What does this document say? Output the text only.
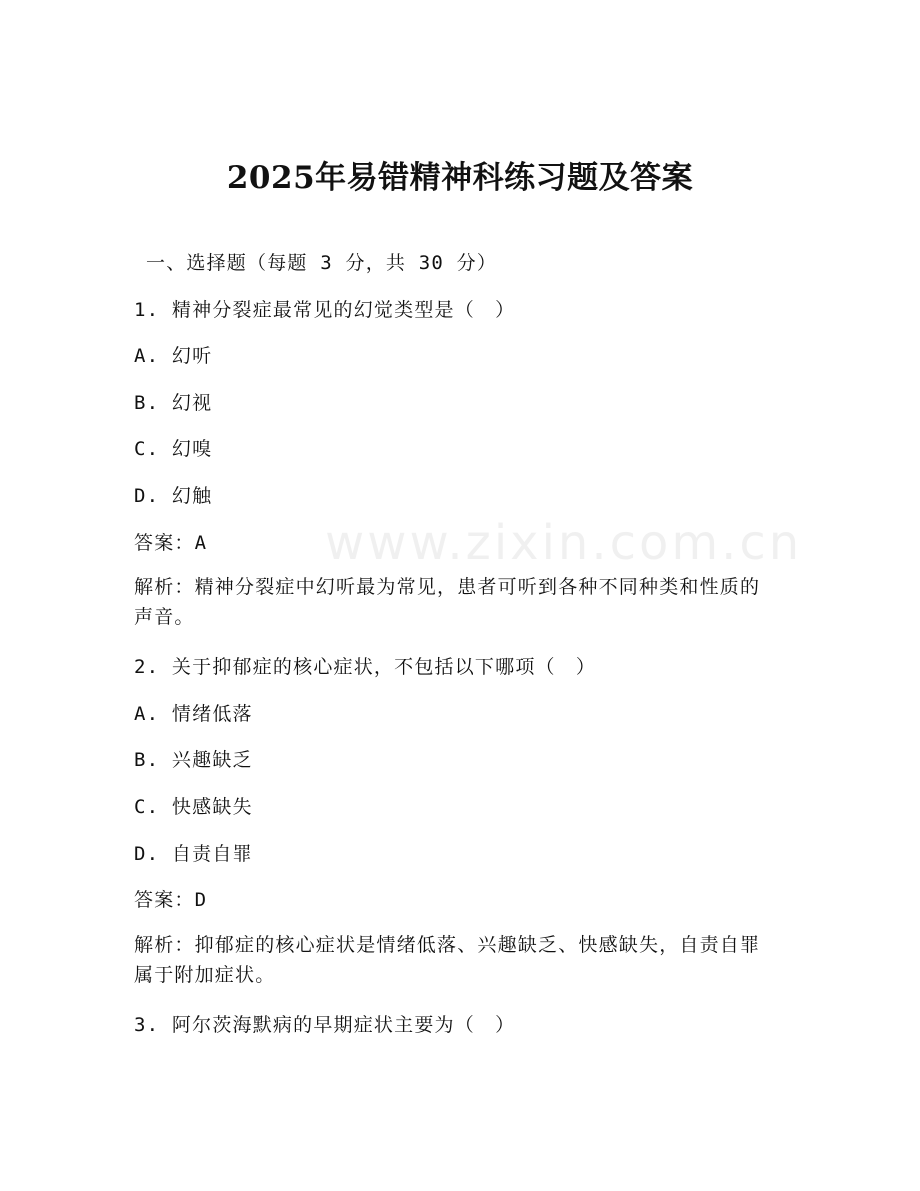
www.zixin.com.cn
2025年易错精神科练习题及答案
一、选择题（每题 3 分，共 30 分）
1. 精神分裂症最常见的幻觉类型是（　）
A. 幻听
B. 幻视
C. 幻嗅
D. 幻触
答案：A
解析：精神分裂症中幻听最为常见，患者可听到各种不同种类和性质的声音。
2. 关于抑郁症的核心症状，不包括以下哪项（　）
A. 情绪低落
B. 兴趣缺乏
C. 快感缺失
D. 自责自罪
答案：D
解析：抑郁症的核心症状是情绪低落、兴趣缺乏、快感缺失，自责自罪属于附加症状。
3. 阿尔茨海默病的早期症状主要为（　）
